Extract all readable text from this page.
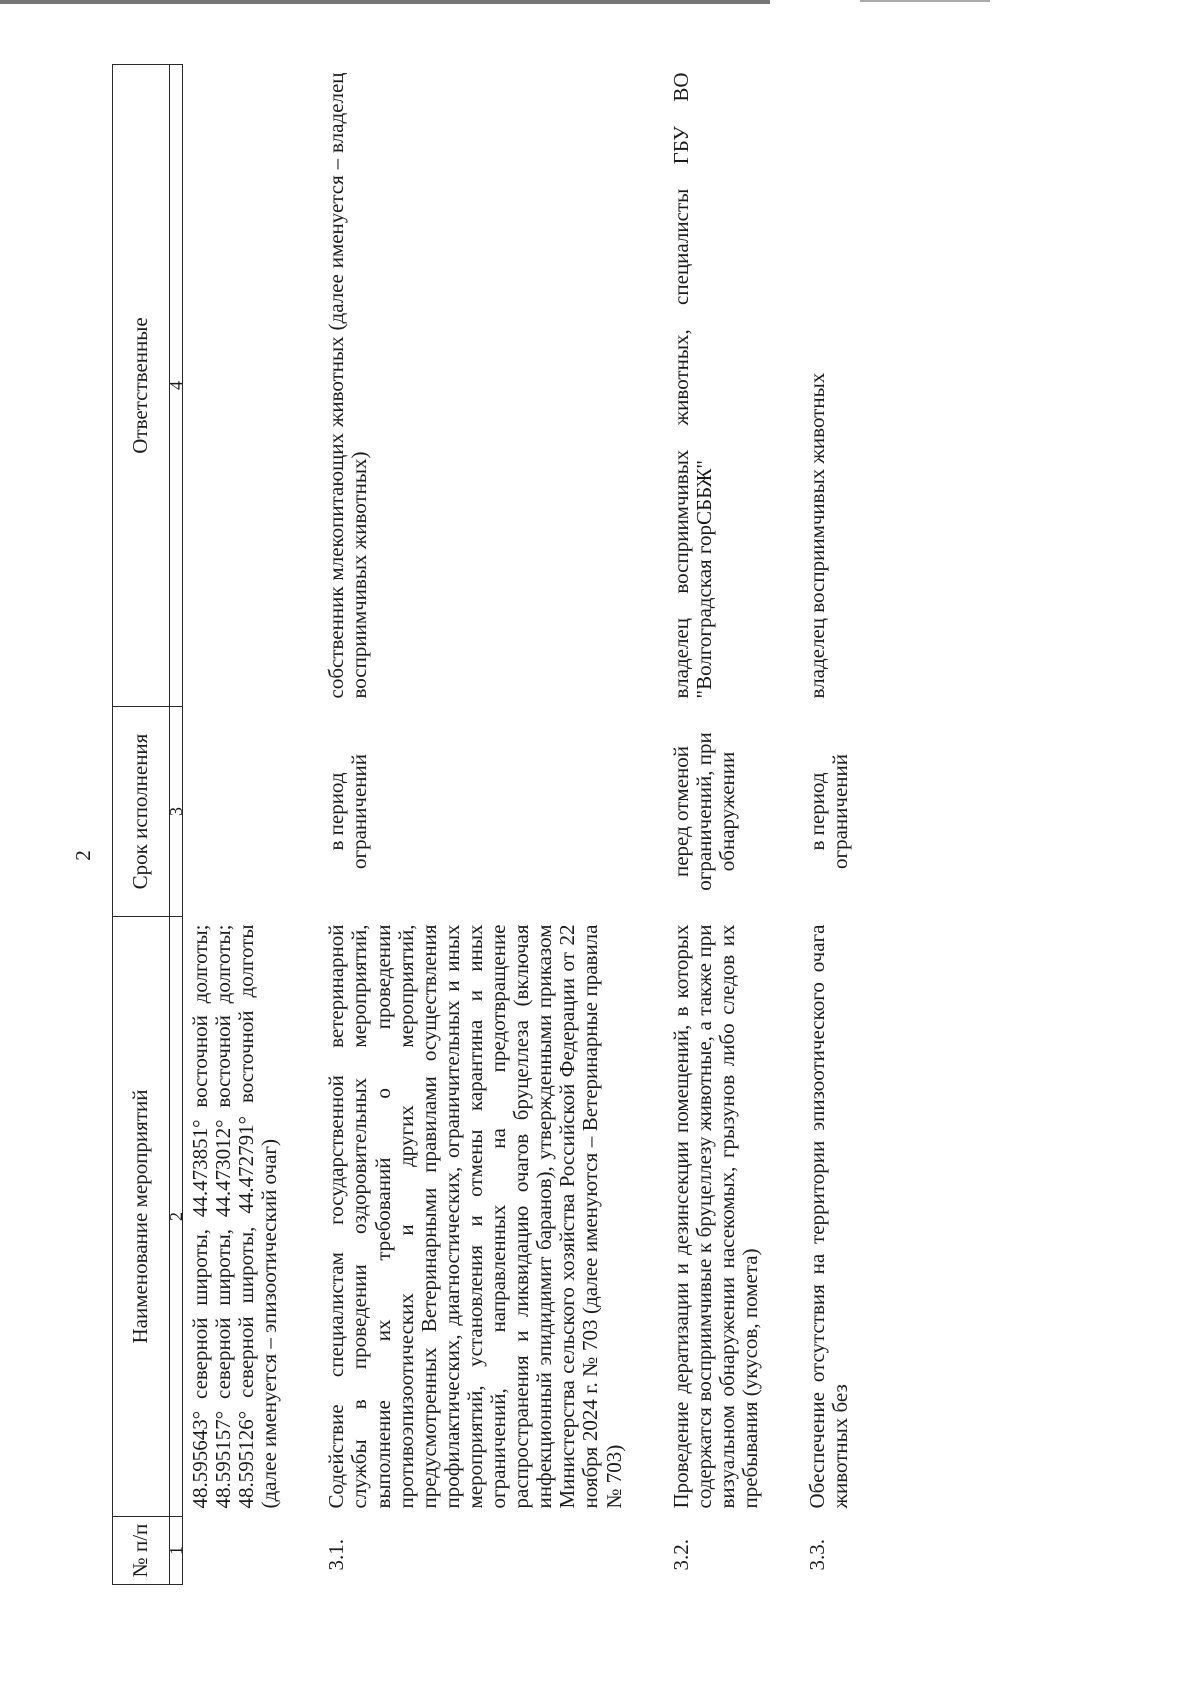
2
№ п/п	Наименование мероприятий	Срок исполнения	Ответственные
1	2	3	4
	48.595643° северной широты, 44.473851° восточной долготы; 48.595157° северной широты, 44.473012° восточной долготы; 48.595126° северной широты, 44.472791° восточной долготы (далее именуется – эпизоотический очаг)		
3.1.	Содействие специалистам государственной ветеринарной службы в проведении оздоровительных мероприятий, выполнение их требований о проведении противоэпизоотических и других мероприятий, предусмотренных Ветеринарными правилами осуществления профилактических, диагностических, ограничительных и иных мероприятий, установления и отмены карантина и иных ограничений, направленных на предотвращение распространения и ликвидацию очагов бруцеллеза (включая инфекционный эпидидимит баранов), утвержденными приказом Министерства сельского хозяйства Российской Федерации от 22 ноября 2024 г. № 703 (далее именуются – Ветеринарные правила № 703)	в период ограничений	собственник млекопитающих животных (далее именуется – владелец восприимчивых животных)
3.2.	Проведение дератизации и дезинсекции помещений, в которых содержатся восприимчивые к бруцеллезу животные, а также при визуальном обнаружении насекомых, грызунов либо следов их пребывания (укусов, помета)	перед отменой ограничений, при обнаружении	владелец восприимчивых животных, специалисты ГБУ ВО "Волгоградская горСББЖ"
3.3.	Обеспечение отсутствия на территории эпизоотического очага животных без	в период ограничений	владелец восприимчивых животных
